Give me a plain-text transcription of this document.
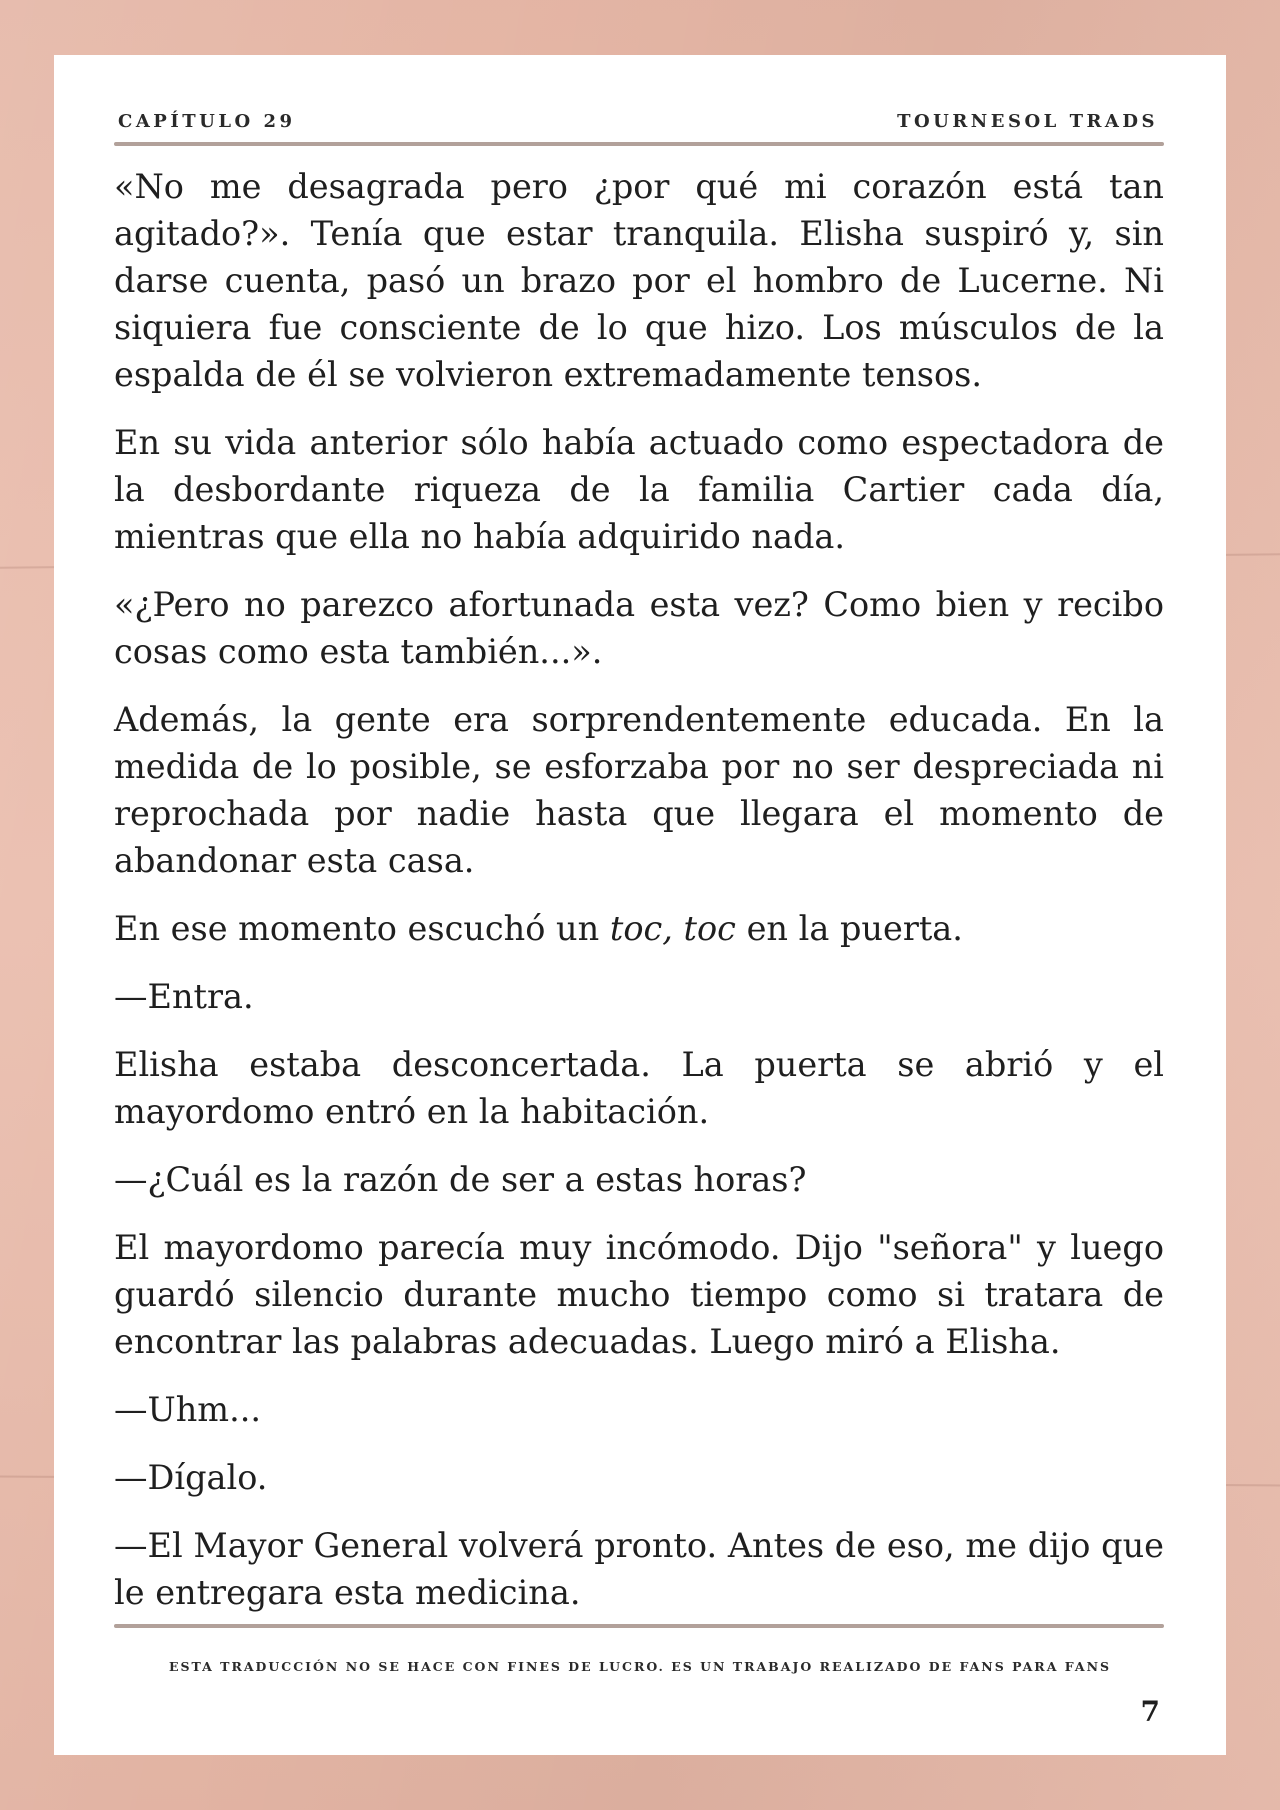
CAPÍTULO 29	TOURNESOL TRADS

«No me desagrada pero ¿por qué mi corazón está tan agitado?». Tenía que estar tranquila. Elisha suspiró y, sin darse cuenta, pasó un brazo por el hombro de Lucerne. Ni siquiera fue consciente de lo que hizo. Los músculos de la espalda de él se volvieron extremadamente tensos.

En su vida anterior sólo había actuado como espectadora de la desbordante riqueza de la familia Cartier cada día, mientras que ella no había adquirido nada.

«¿Pero no parezco afortunada esta vez? Como bien y recibo cosas como esta también...».

Además, la gente era sorprendentemente educada. En la medida de lo posible, se esforzaba por no ser despreciada ni reprochada por nadie hasta que llegara el momento de abandonar esta casa.

En ese momento escuchó un toc, toc en la puerta.

—Entra.

Elisha estaba desconcertada. La puerta se abrió y el mayordomo entró en la habitación.

—¿Cuál es la razón de ser a estas horas?

El mayordomo parecía muy incómodo. Dijo "señora" y luego guardó silencio durante mucho tiempo como si tratara de encontrar las palabras adecuadas. Luego miró a Elisha.

—Uhm...

—Dígalo.

—El Mayor General volverá pronto. Antes de eso, me dijo que le entregara esta medicina.

ESTA TRADUCCIÓN NO SE HACE CON FINES DE LUCRO. ES UN TRABAJO REALIZADO DE FANS PARA FANS
7
